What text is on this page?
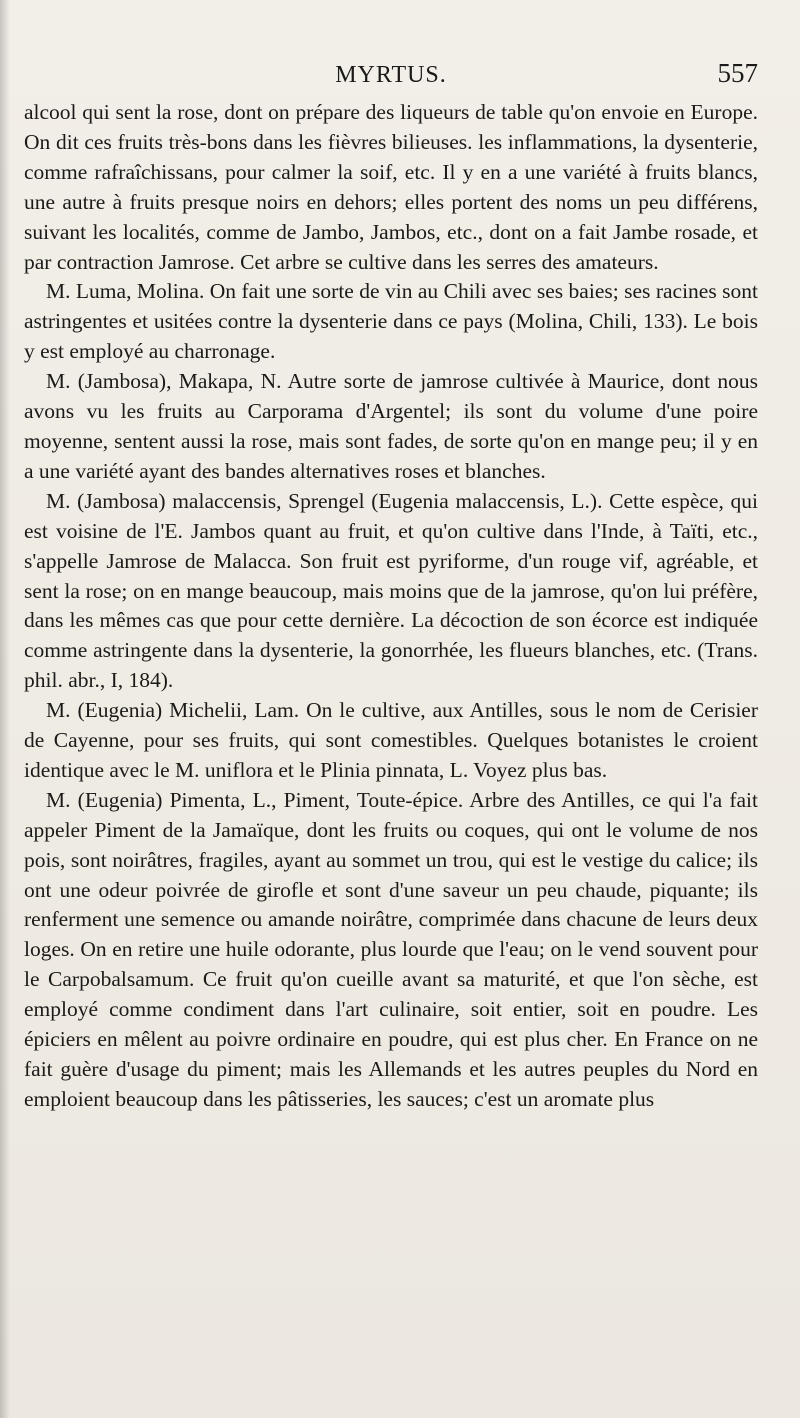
MYRTUS.	557

alcool qui sent la rose, dont on prépare des liqueurs de table qu'on envoie en Europe. On dit ces fruits très-bons dans les fièvres bilieuses. les inflammations, la dysenterie, comme rafraîchissans, pour calmer la soif, etc. Il y en a une variété à fruits blancs, une autre à fruits presque noirs en dehors; elles portent des noms un peu différens, suivant les localités, comme de Jambo, Jambos, etc., dont on a fait Jambe rosade, et par contraction Jamrose. Cet arbre se cultive dans les serres des amateurs.

M. Luma, Molina. On fait une sorte de vin au Chili avec ses baies; ses racines sont astringentes et usitées contre la dysenterie dans ce pays (Molina, Chili, 133). Le bois y est employé au charronage.

M. (Jambosa), Makapa, N. Autre sorte de jamrose cultivée à Maurice, dont nous avons vu les fruits au Carporama d'Argentel; ils sont du volume d'une poire moyenne, sentent aussi la rose, mais sont fades, de sorte qu'on en mange peu; il y en a une variété ayant des bandes alternatives roses et blanches.

M. (Jambosa) malaccensis, Sprengel (Eugenia malaccensis, L.). Cette espèce, qui est voisine de l'E. Jambos quant au fruit, et qu'on cultive dans l'Inde, à Taïti, etc., s'appelle Jamrose de Malacca. Son fruit est pyriforme, d'un rouge vif, agréable, et sent la rose; on en mange beaucoup, mais moins que de la jamrose, qu'on lui préfère, dans les mêmes cas que pour cette dernière. La décoction de son écorce est indiquée comme astringente dans la dysenterie, la gonorrhée, les flueurs blanches, etc. (Trans. phil. abr., I, 184).

M. (Eugenia) Michelii, Lam. On le cultive, aux Antilles, sous le nom de Cerisier de Cayenne, pour ses fruits, qui sont comestibles. Quelques botanistes le croient identique avec le M. uniflora et le Plinia pinnata, L. Voyez plus bas.

M. (Eugenia) Pimenta, L., Piment, Toute-épice. Arbre des Antilles, ce qui l'a fait appeler Piment de la Jamaïque, dont les fruits ou coques, qui ont le volume de nos pois, sont noirâtres, fragiles, ayant au sommet un trou, qui est le vestige du calice; ils ont une odeur poivrée de girofle et sont d'une saveur un peu chaude, piquante; ils renferment une semence ou amande noirâtre, comprimée dans chacune de leurs deux loges. On en retire une huile odorante, plus lourde que l'eau; on le vend souvent pour le Carpobalsamum. Ce fruit qu'on cueille avant sa maturité, et que l'on sèche, est employé comme condiment dans l'art culinaire, soit entier, soit en poudre. Les épiciers en mêlent au poivre ordinaire en poudre, qui est plus cher. En France on ne fait guère d'usage du piment; mais les Allemands et les autres peuples du Nord en emploient beaucoup dans les pâtisseries, les sauces; c'est un aromate plus
